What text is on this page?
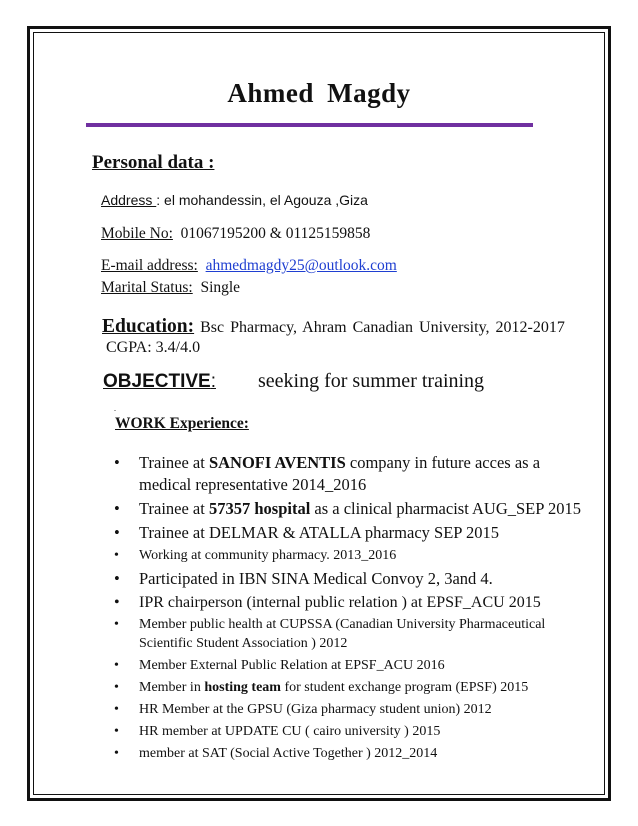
Ahmed Magdy
Personal data :
Address : el mohandessin, el Agouza ,Giza
Mobile No: 01067195200 & 01125159858
E-mail address: ahmedmagdy25@outlook.com
Marital Status: Single
Education: Bsc Pharmacy, Ahram Canadian University, 2012-2017
CGPA: 3.4/4.0
OBJECTIVE: seeking for summer training
.
WORK Experience:
• Trainee at SANOFI AVENTIS company in future acces as a
medical representative 2014_2016
• Trainee at 57357 hospital as a clinical pharmacist AUG_SEP 2015
• Trainee at DELMAR & ATALLA pharmacy SEP 2015
• Working at community pharmacy. 2013_2016
• Participated in IBN SINA Medical Convoy 2, 3and 4.
• IPR chairperson (internal public relation ) at EPSF_ACU 2015
• Member public health at CUPSSA (Canadian University Pharmaceutical
Scientific Student Association ) 2012
• Member External Public Relation at EPSF_ACU 2016
• Member in hosting team for student exchange program (EPSF) 2015
• HR Member at the GPSU (Giza pharmacy student union) 2012
• HR member at UPDATE CU ( cairo university ) 2015
• member at SAT (Social Active Together ) 2012_2014
